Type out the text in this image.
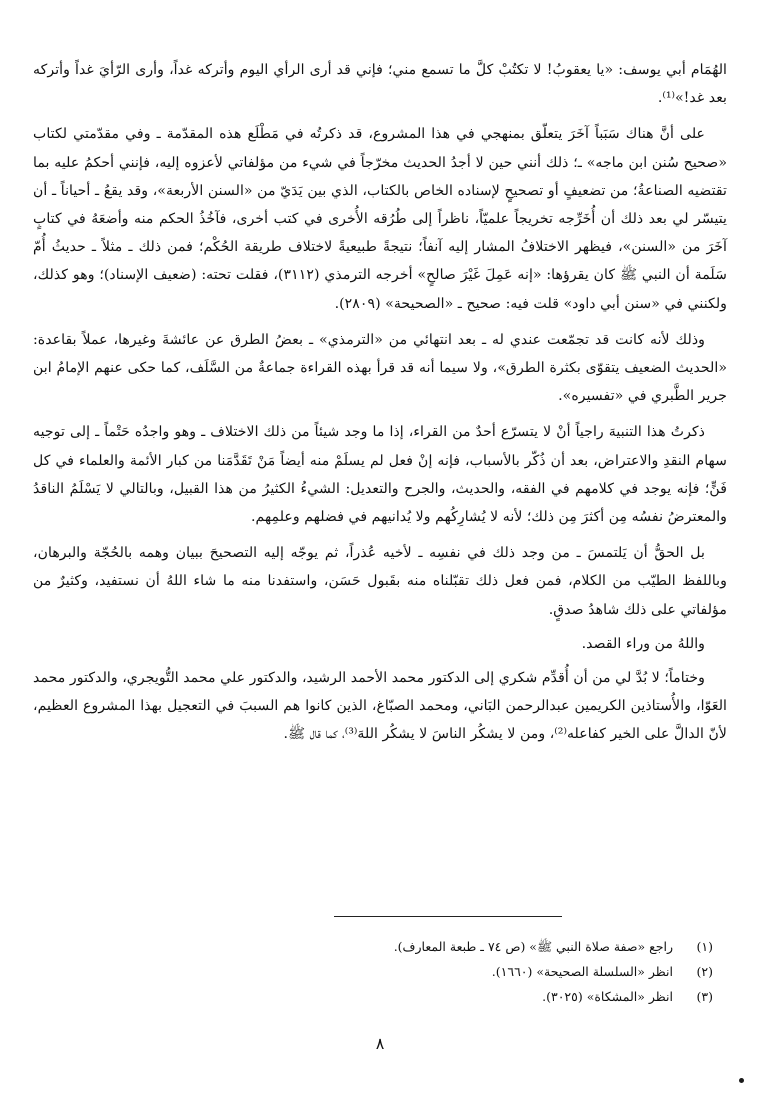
الهُمَام أبي يوسف: «يا يعقوبُ! لا تكتُبْ كلَّ ما تسمع مني؛ فإني قد أرى الرأي اليوم وأتركه غداً، وأرى الرّأيَ غداً وأتركه بعد غد!»⁽¹⁾.

على أنَّ هناك سَبَباً آخَرَ يتعلّق بمنهجي في هذا المشروع، قد ذكرتُه في مَطْلَع هذه المقدّمة ـ وفي مقدّمتي لكتاب «صحيح سُنن ابن ماجه» ـ؛ ذلك أنني حين لا أجدُ الحديث مخرّجاً في شيء من مؤلفاتي لأعزوه إليه، فإنني أحكمُ عليه بما تقتضيه الصناعةُ؛ من تضعيفٍ أو تصحيحٍ لإسناده الخاص بالكتاب، الذي بين يَدَيّ من «السنن الأربعة»، وقد يقعُ ـ أحياناً ـ أن يتيسّر لي بعد ذلك أن أُخَرِّجه تخريجاً علميّاً، ناظراً إلى طُرُقه الأُخرى في كتب أخرى، فآخُذُ الحكم منه وأضعَهُ في كتابٍ آخَرَ من «السنن»، فيظهر الاختلافُ المشار إليه آنفاً؛ نتيجةً طبيعيةً لاختلاف طريقة الحُكْم؛ فمن ذلك ـ مثلاً ـ حديثُ أُمّ سَلَمة أن النبي ﷺ كان يقرؤها: «إنه عَمِلَ غَيْرَ صالحٍ» أخرجه الترمذي (٣١١٢)، فقلت تحته: (ضعيف الإسناد)؛ وهو كذلك، ولكنني في «سنن أبي داود» قلت فيه: صحيح ـ «الصحيحة» (٢٨٠٩).

وذلك لأنه كانت قد تجمّعت عندي له ـ بعد انتهائي من «الترمذي» ـ بعضُ الطرق عن عائشةَ وغيرها، عملاً بقاعدة: «الحديث الضعيف يتقوّى بكثرة الطرق»، ولا سيما أنه قد قرأ بهذه القراءة جماعةٌ من السَّلَف، كما حكى عنهم الإمامُ ابن جرير الطَّبري في «تفسيره».

ذكرتُ هذا التنبيهَ راجياً أنْ لا يتسرّع أحدٌ من القراء، إذا ما وجد شيئاً من ذلك الاختلاف ـ وهو واجدُه حَتْماً ـ إلى توجيه سهام النقدِ والاعتراض، بعد أن ذُكّر بالأسباب، فإنه إنْ فعل لم يسلَمْ منه أيضاً مَنْ تَقَدَّمَنا من كبار الأئمة والعلماء في كل فَنٍّ؛ فإنه يوجد في كلامهم في الفقه، والحديث، والجرح والتعديل: الشيءُ الكثيرُ من هذا القبيل، وبالتالي لا يَسْلَمُ الناقدُ والمعترضُ نفسُه مِن أكثرَ مِن ذلك؛ لأنه لا يُشارِكُهم ولا يُدانيهم في فضلهم وعلمِهم.

بل الحقُّ أن يَلتمسَ ـ من وجد ذلك في نفسِه ـ لأخيه عُذراً، ثم يوجّه إليه التصحيحَ ببيان وهمه بالحُجّة والبرهان، وباللفظ الطيّب من الكلام، فمن فعل ذلك تقبّلناه منه بقَبول حَسَن، واستفدنا منه ما شاء اللهُ أن نستفيد، وكثيرٌ من مؤلفاتي على ذلك شاهدُ صدقٍ.

واللهُ من وراء القصد.

وختاماً؛ لا بُدَّ لي من أن أُقدِّم شكري إلى الدكتور محمد الأحمد الرشيد، والدكتور علي محمد التُّويجري، والدكتور محمد العَوّا، والأُستاذين الكريمين عبدالرحمن البَاني، ومحمد الصبّاغ، الذين كانوا هم السببَ في التعجيل بهذا المشروع العظيم، لأنّ الدالَّ على الخير كفاعله⁽²⁾، ومن لا يشكُر الناسَ لا يشكُر اللهَ⁽³⁾، كما قال ﷺ.

(١)
راجع «صفة صلاة النبي ﷺ» (ص ٧٤ ـ طبعة المعارف).
(٢)
انظر «السلسلة الصحيحة» (١٦٦٠).
(٣)
انظر «المشكاة» (٣٠٢٥).
٨
